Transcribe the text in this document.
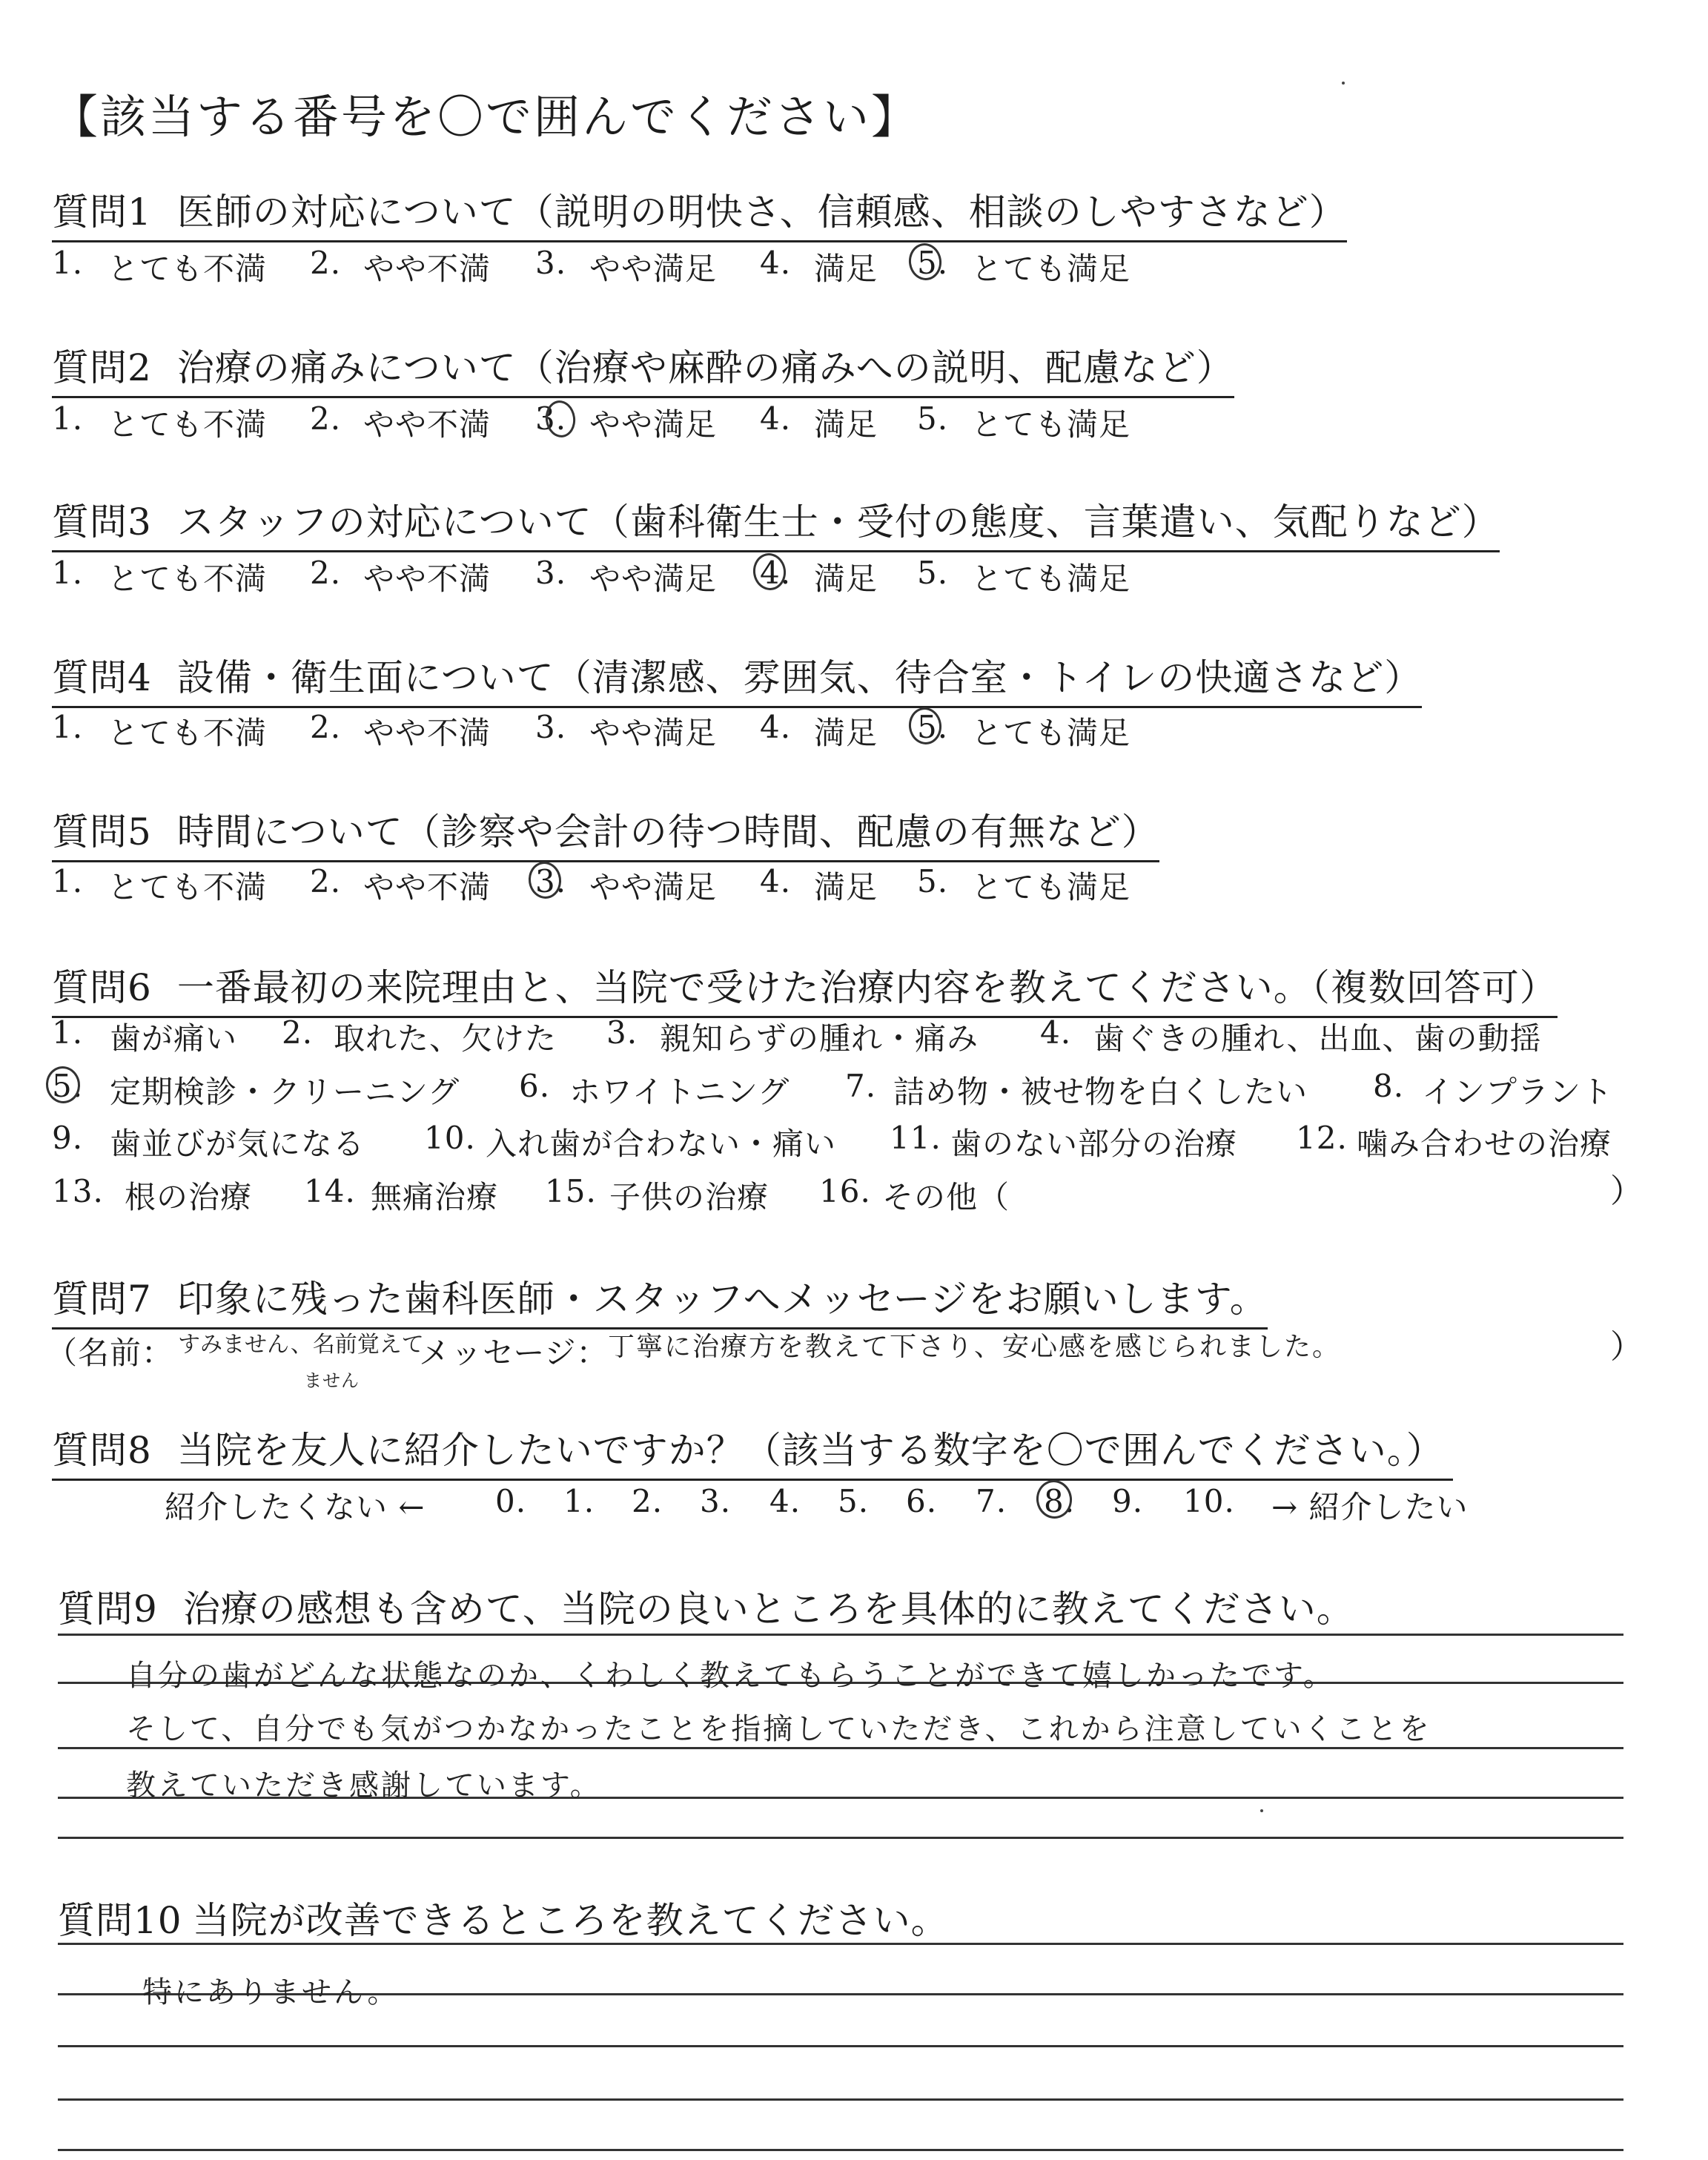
【該当する番号を〇で囲んでください】
質問1 医師の対応について（説明の明快さ、信頼感、相談のしやすさなど）
1. とても不満 2. やや不満 3. やや満足 4. 満足 5. とても満足
質問2 治療の痛みについて（治療や麻酔の痛みへの説明、配慮など）
1. とても不満 2. やや不満 3. やや満足 4. 満足 5. とても満足
質問3 スタッフの対応について（歯科衛生士・受付の態度、言葉遣い、気配りなど）
1. とても不満 2. やや不満 3. やや満足 4. 満足 5. とても満足
質問4 設備・衛生面について（清潔感、雰囲気、待合室・トイレの快適さなど）
1. とても不満 2. やや不満 3. やや満足 4. 満足 5. とても満足
質問5 時間について（診察や会計の待つ時間、配慮の有無など）
1. とても不満 2. やや不満 3. やや満足 4. 満足 5. とても満足
質問6 一番最初の来院理由と、当院で受けた治療内容を教えてください。（複数回答可）
1. 歯が痛い 2. 取れた、欠けた 3. 親知らずの腫れ・痛み 4. 歯ぐきの腫れ、出血、歯の動揺
5. 定期検診・クリーニング 6. ホワイトニング 7. 詰め物・被せ物を白くしたい 8. インプラント
9. 歯並びが気になる 10. 入れ歯が合わない・痛い 11. 歯のない部分の治療 12. 噛み合わせの治療
13. 根の治療 14. 無痛治療 15. 子供の治療 16. その他（	）
質問7 印象に残った歯科医師・スタッフへメッセージをお願いします。
（名前： すみません、名前覚えて
ません
メッセージ： 丁寧に治療方を教えて下さり、安心感を感じられました。	）
質問8 当院を友人に紹介したいですか？（該当する数字を〇で囲んでください。）
紹介したくない ← 0. 1. 2. 3. 4. 5. 6. 7. 8. 9. 10. → 紹介したい
質問9 治療の感想も含めて、当院の良いところを具体的に教えてください。
自分の歯がどんな状態なのか、くわしく教えてもらうことができて嬉しかったです。
そして、自分でも気がつかなかったことを指摘していただき、これから注意していくことを
教えていただき感謝しています。
質問10 当院が改善できるところを教えてください。
特にありません。
